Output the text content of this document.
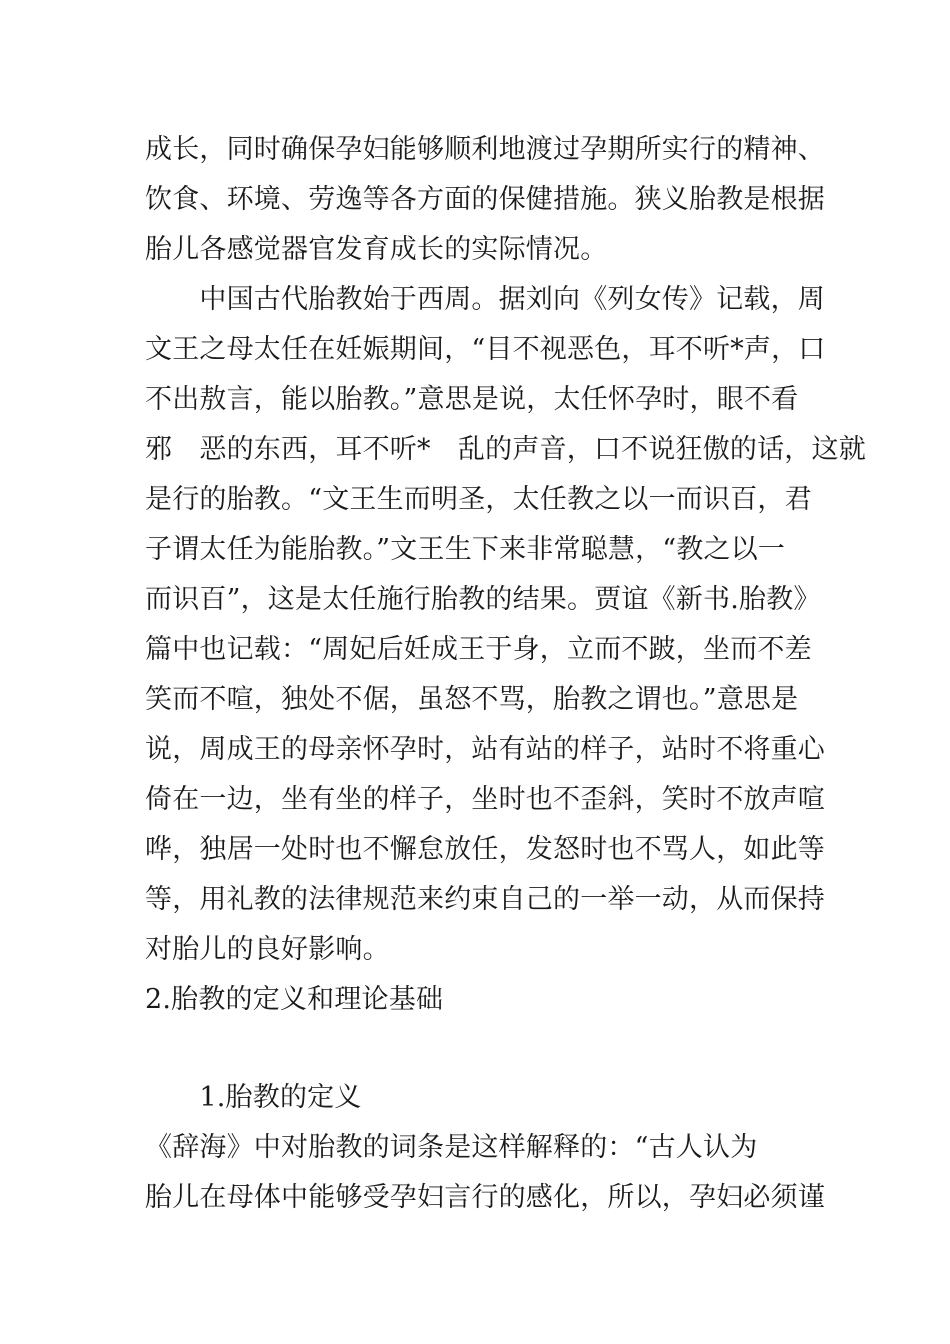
成长，同时确保孕妇能够顺利地渡过孕期所实行的精神、
饮食、环境、劳逸等各方面的保健措施。狭义胎教是根据
胎儿各感觉器官发育成长的实际情况。
　　中国古代胎教始于西周。据刘向《列女传》记载，周
文王之母太任在妊娠期间，“目不视恶色，耳不听*声，口
不出敖言，能以胎教。”意思是说，太任怀孕时，眼不看
邪　恶的东西，耳不听*　乱的声音，口不说狂傲的话，这就
是行的胎教。“文王生而明圣，太任教之以一而识百，君
子谓太任为能胎教。”文王生下来非常聪慧，“教之以一
而识百”，这是太任施行胎教的结果。贾谊《新书.胎教》
篇中也记载：“周妃后妊成王于身，立而不跛，坐而不差
笑而不喧，独处不倨，虽怒不骂，胎教之谓也。”意思是
说，周成王的母亲怀孕时，站有站的样子，站时不将重心
倚在一边，坐有坐的样子，坐时也不歪斜，笑时不放声喧
哗，独居一处时也不懈怠放任，发怒时也不骂人，如此等
等，用礼教的法律规范来约束自己的一举一动，从而保持
对胎儿的良好影响。
2.胎教的定义和理论基础
　　1.胎教的定义
《辞海》中对胎教的词条是这样解释的：“古人认为
胎儿在母体中能够受孕妇言行的感化，所以，孕妇必须谨
